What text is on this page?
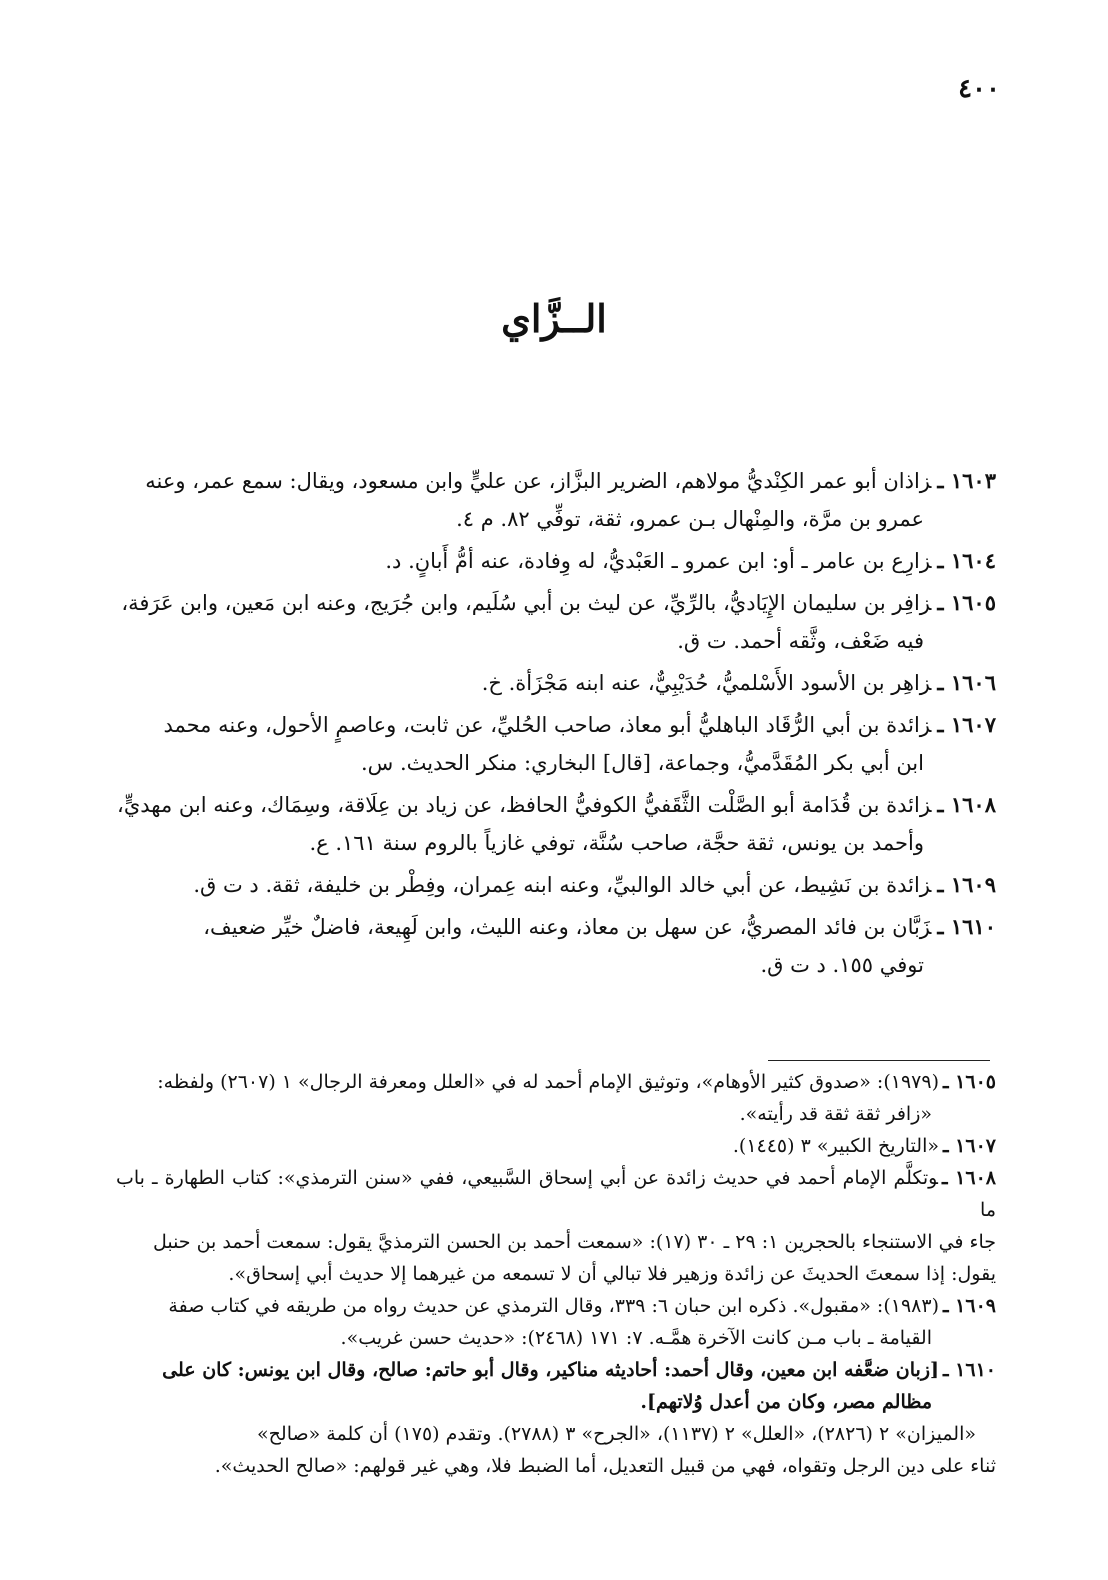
٤٠٠
الــزَّاي
١٦٠٣ ـزاذان أبو عمر الكِنْديُّ مولاهم، الضرير البزَّاز، عن عليٍّ وابن مسعود، ويقال: سمع عمر، وعنه
عمرو بن مرَّة، والمِنْهال بـن عمرو، ثقة، توفِّي ٨٢. م ٤.
١٦٠٤ ـزارِع بن عامر ـ أو: ابن عمرو ـ العَبْديُّ، له وِفادة، عنه أمُّ أَبانٍ. د.
١٦٠٥ ـزافِر بن سليمان الإِيَاديُّ، بالرِّيِّ، عن ليث بن أبي سُلَيم، وابن جُرَيج، وعنه ابن مَعين، وابن عَرَفة،
فيه ضَعْف، وثَّقه أحمد. ت ق.
١٦٠٦ ـزاهِر بن الأسود الأَسْلميُّ، حُدَيْبِيٌّ، عنه ابنه مَجْزَأة. خ.
١٦٠٧ ـزائدة بن أبي الرُّقَاد الباهليُّ أبو معاذ، صاحب الحُليِّ، عن ثابت، وعاصمٍ الأحول، وعنه محمد
ابن أبي بكر المُقَدَّميُّ، وجماعة، [قال] البخاري: منكر الحديث. س.
١٦٠٨ ـزائدة بن قُدَامة أبو الصَّلْت الثَّقَفيُّ الكوفيُّ الحافظ، عن زياد بن عِلَاقة، وسِمَاك، وعنه ابن مهديٍّ،
وأحمد بن يونس، ثقة حجَّة، صاحب سُنَّة، توفي غازياً بالروم سنة ١٦١. ع.
١٦٠٩ ـزائدة بن نَشِيط، عن أبي خالد الوالبيِّ، وعنه ابنه عِمران، وفِطْر بن خليفة، ثقة. د ت ق.
١٦١٠ ـزَبَّان بن فائد المصريُّ، عن سهل بن معاذ، وعنه الليث، وابن لَهِيعة، فاضلٌ خيِّر ضعيف،
توفي ١٥٥. د ت ق.
١٦٠٥ ـ(١٩٧٩): «صدوق كثير الأوهام»، وتوثيق الإمام أحمد له في «العلل ومعرفة الرجال» ١ (٢٦٠٧) ولفظه:
«زافر ثقة ثقة قد رأيته».
١٦٠٧ ـ«التاريخ الكبير» ٣ (١٤٤٥).
١٦٠٨ ـوتكلَّم الإمام أحمد في حديث زائدة عن أبي إسحاق السَّبيعي، ففي «سنن الترمذي»: كتاب الطهارة ـ باب ما
جاء في الاستنجاء بالحجرين ١: ٢٩ ـ ٣٠ (١٧): «سمعت أحمد بن الحسن الترمذيَّ يقول: سمعت أحمد بن حنبل
يقول: إذا سمعتَ الحديثَ عن زائدة وزهير فلا تبالي أن لا تسمعه من غيرهما إلا حديث أبي إسحاق».
١٦٠٩ ـ(١٩٨٣): «مقبول». ذكره ابن حبان ٦: ٣٣٩، وقال الترمذي عن حديث رواه من طريقه في كتاب صفة
القيامة ـ باب مـن كانت الآخرة همَّـه. ٧: ١٧١ (٢٤٦٨): «حديث حسن غريب».
١٦١٠ ـ[زبان ضعَّفه ابن معين، وقال أحمد: أحاديثه مناكير، وقال أبو حاتم: صالح، وقال ابن يونس: كان على
مظالم مصر، وكان من أعدل وُلاتهم].
«الميزان» ٢ (٢٨٢٦)، «العلل» ٢ (١١٣٧)، «الجرح» ٣ (٢٧٨٨). وتقدم (١٧٥) أن كلمة «صالح»
ثناء على دين الرجل وتقواه، فهي من قبيل التعديل، أما الضبط فلا، وهي غير قولهم: «صالح الحديث».
